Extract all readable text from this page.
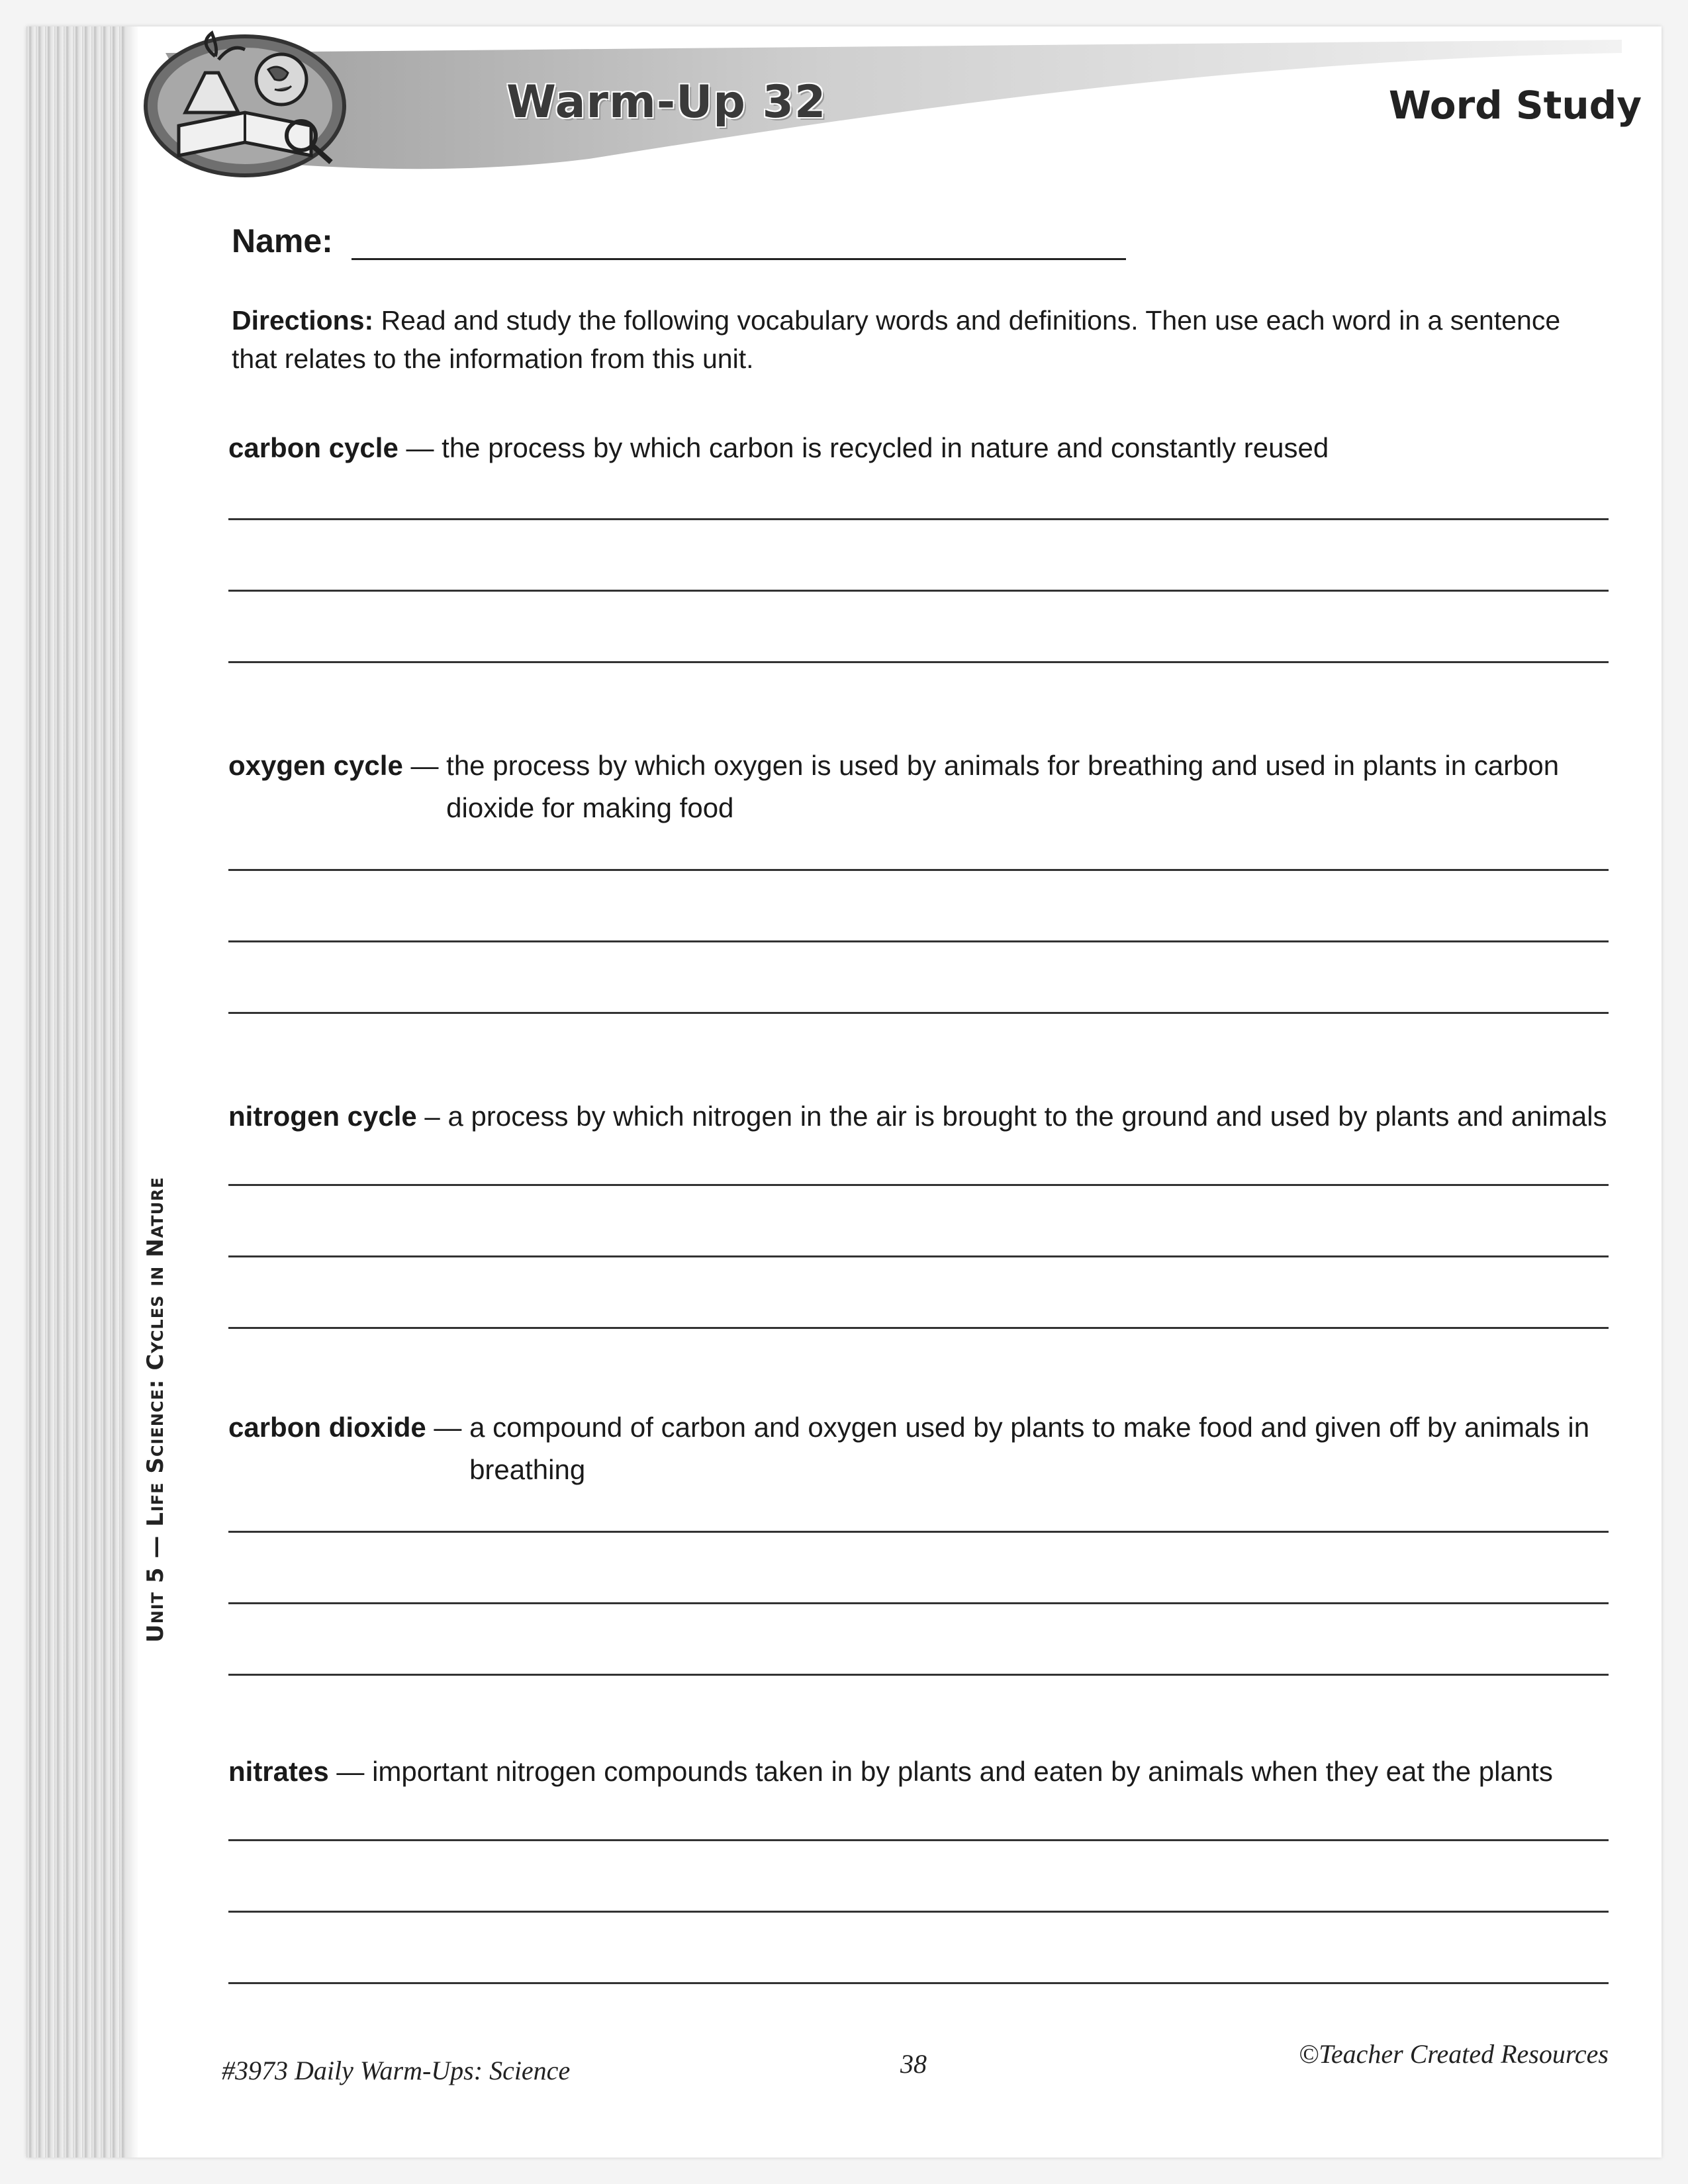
Unit 5 — Life Science: Cycles in Nature
Warm-Up 32	Word Study
Name:
Directions: Read and study the following vocabulary words and definitions. Then use each word in a sentence that relates to the information from this unit.
carbon cycle — the process by which carbon is recycled in nature and constantly reused
oxygen cycle — the process by which oxygen is used by animals for breathing and used in plants in carbon dioxide for making food
nitrogen cycle – a process by which nitrogen in the air is brought to the ground and used by plants and animals
carbon dioxide — a compound of carbon and oxygen used by plants to make food and given off by animals in breathing
nitrates — important nitrogen compounds taken in by plants and eaten by animals when they eat the plants
#3973 Daily Warm-Ups: Science	38	©Teacher Created Resources
